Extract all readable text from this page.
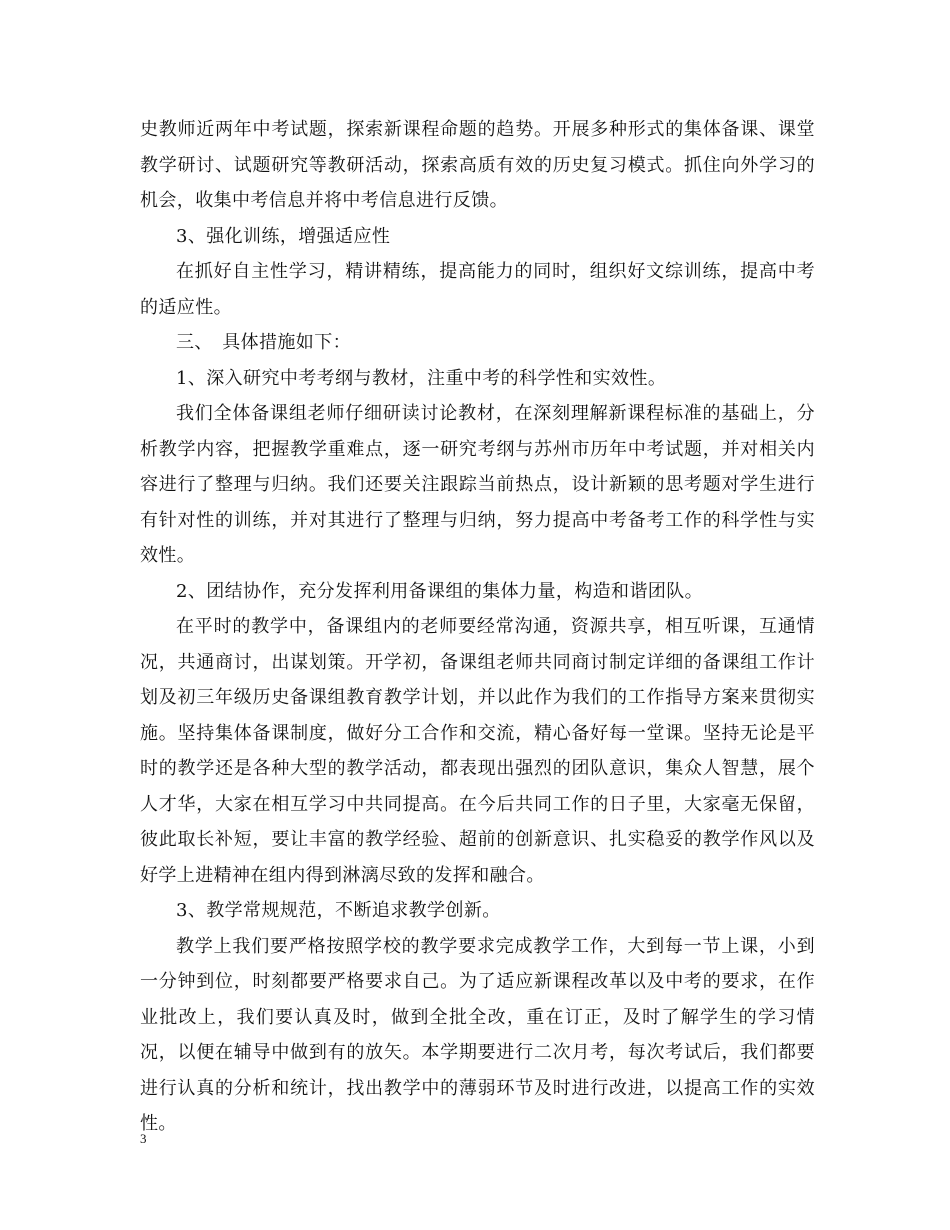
史教师近两年中考试题，探索新课程命题的趋势。开展多种形式的集体备课、课堂教学研讨、试题研究等教研活动，探索高质有效的历史复习模式。抓住向外学习的机会，收集中考信息并将中考信息进行反馈。

3、强化训练，增强适应性

在抓好自主性学习，精讲精练，提高能力的同时，组织好文综训练，提高中考的适应性。

三、　具体措施如下：

1、深入研究中考考纲与教材，注重中考的科学性和实效性。

我们全体备课组老师仔细研读讨论教材，在深刻理解新课程标准的基础上，分析教学内容，把握教学重难点，逐一研究考纲与苏州市历年中考试题，并对相关内容进行了整理与归纳。我们还要关注跟踪当前热点，设计新颖的思考题对学生进行有针对性的训练，并对其进行了整理与归纳，努力提高中考备考工作的科学性与实效性。

2、团结协作，充分发挥利用备课组的集体力量，构造和谐团队。

在平时的教学中，备课组内的老师要经常沟通，资源共享，相互听课，互通情况，共通商讨，出谋划策。开学初，备课组老师共同商讨制定详细的备课组工作计划及初三年级历史备课组教育教学计划，并以此作为我们的工作指导方案来贯彻实施。坚持集体备课制度，做好分工合作和交流，精心备好每一堂课。坚持无论是平时的教学还是各种大型的教学活动，都表现出强烈的团队意识，集众人智慧，展个人才华，大家在相互学习中共同提高。在今后共同工作的日子里，大家毫无保留，彼此取长补短，要让丰富的教学经验、超前的创新意识、扎实稳妥的教学作风以及好学上进精神在组内得到淋漓尽致的发挥和融合。

3、教学常规规范，不断追求教学创新。

教学上我们要严格按照学校的教学要求完成教学工作，大到每一节上课，小到一分钟到位，时刻都要严格要求自己。为了适应新课程改革以及中考的要求，在作业批改上，我们要认真及时，做到全批全改，重在订正，及时了解学生的学习情况，以便在辅导中做到有的放矢。本学期要进行二次月考，每次考试后，我们都要进行认真的分析和统计，找出教学中的薄弱环节及时进行改进，以提高工作的实效性。

3
